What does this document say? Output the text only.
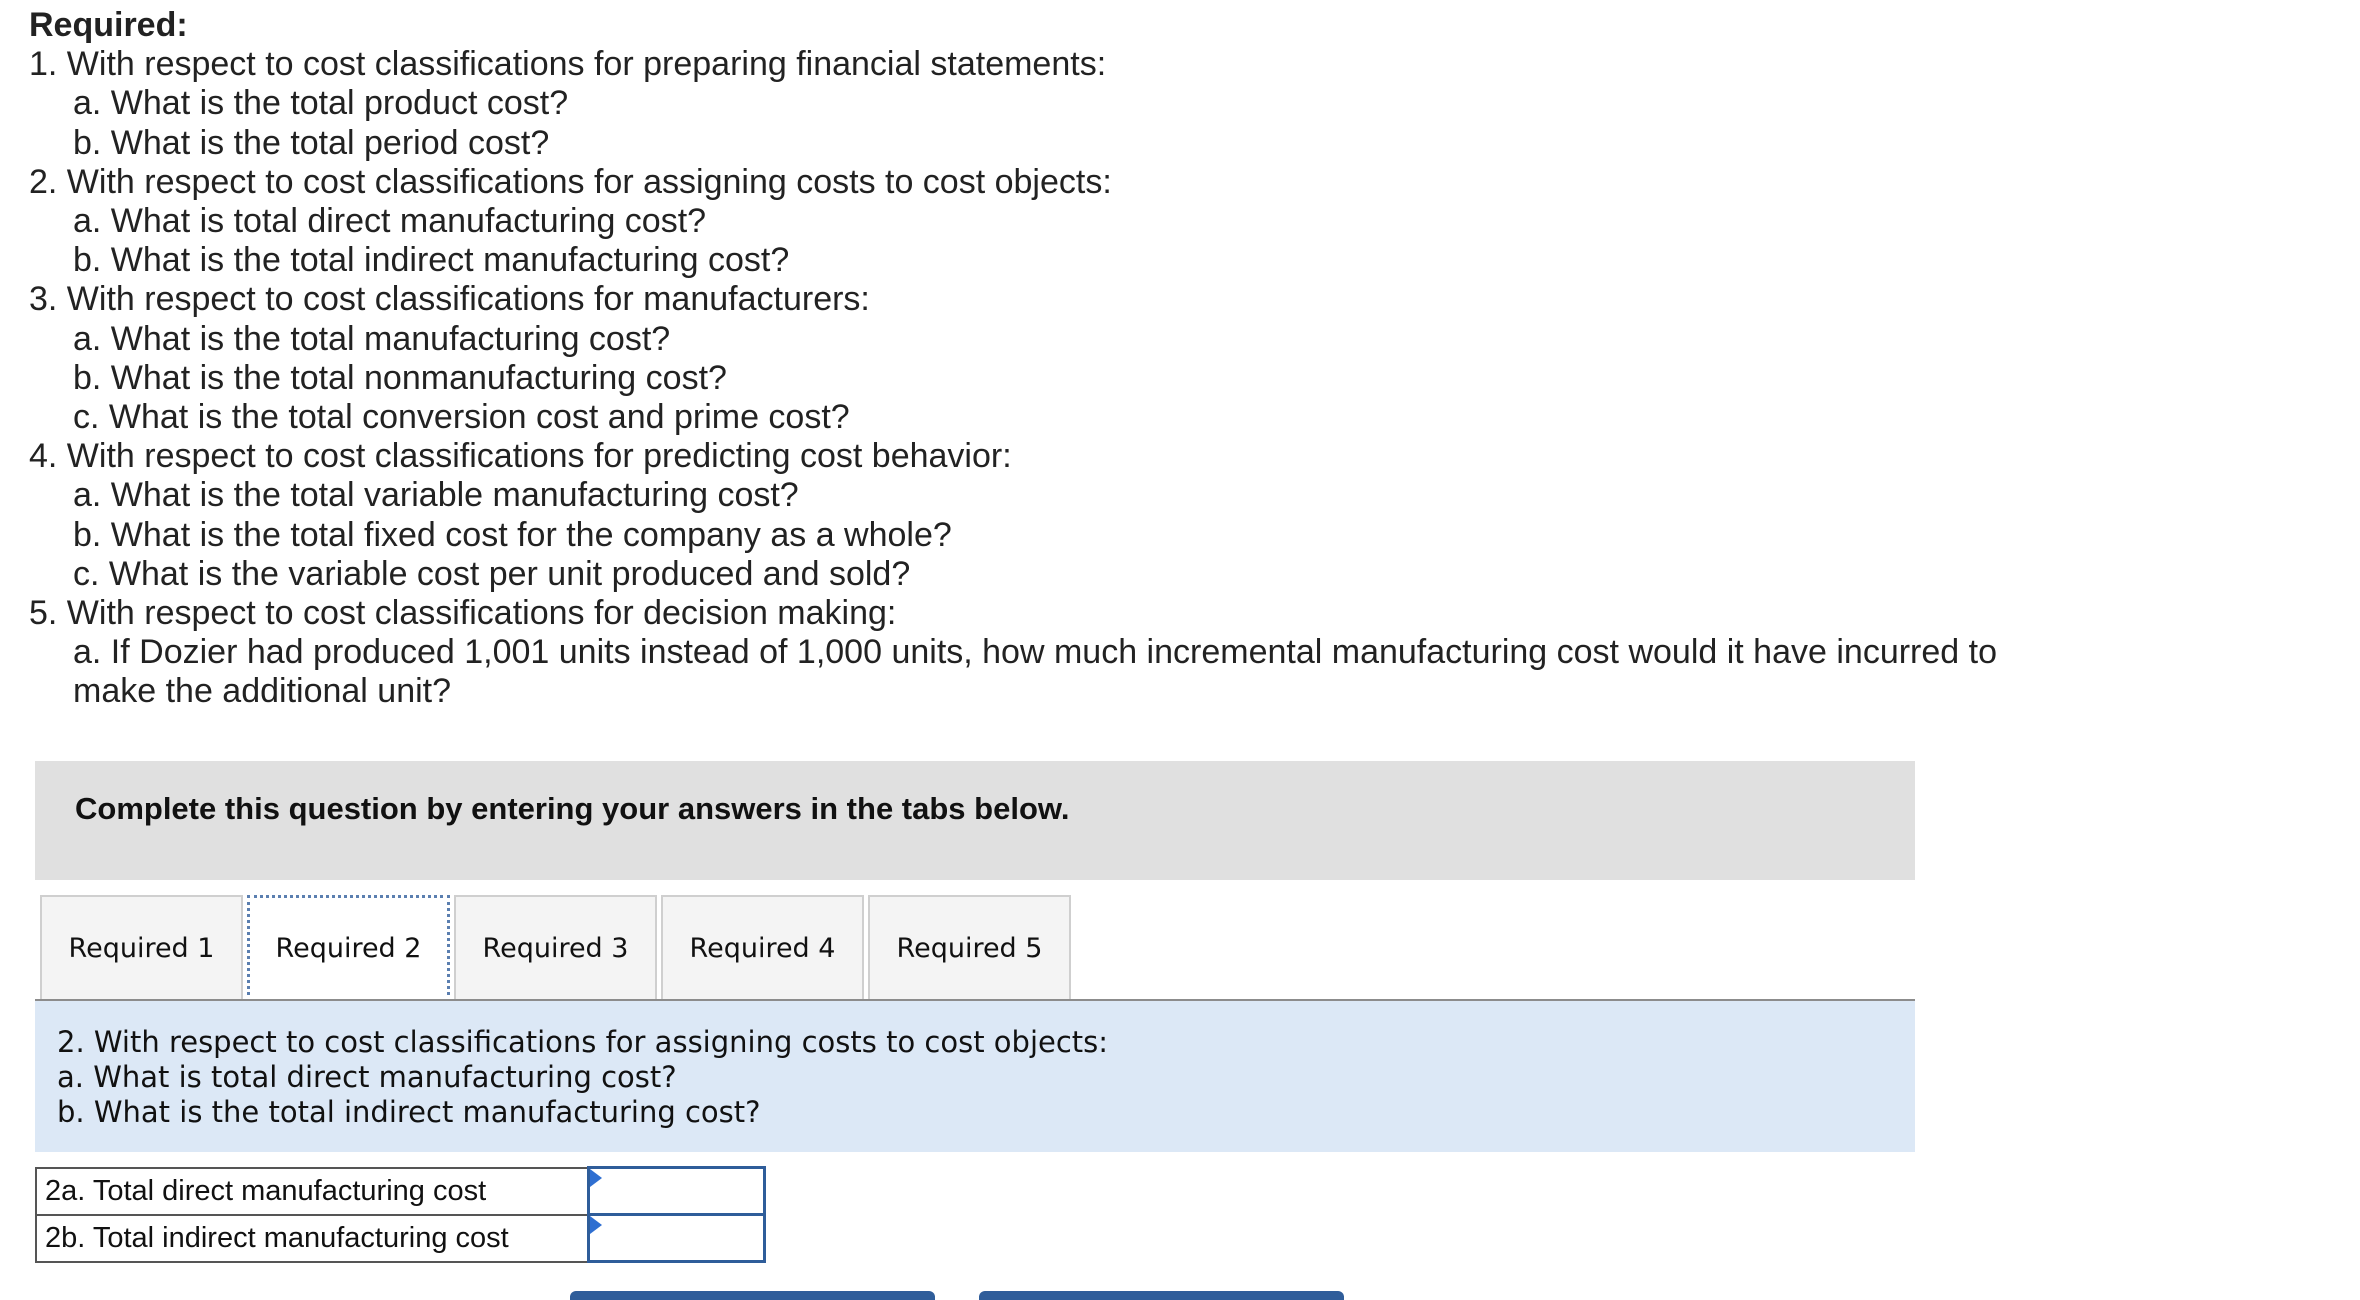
Required:
1. With respect to cost classifications for preparing financial statements:
a. What is the total product cost?
b. What is the total period cost?
2. With respect to cost classifications for assigning costs to cost objects:
a. What is total direct manufacturing cost?
b. What is the total indirect manufacturing cost?
3. With respect to cost classifications for manufacturers:
a. What is the total manufacturing cost?
b. What is the total nonmanufacturing cost?
c. What is the total conversion cost and prime cost?
4. With respect to cost classifications for predicting cost behavior:
a. What is the total variable manufacturing cost?
b. What is the total fixed cost for the company as a whole?
c. What is the variable cost per unit produced and sold?
5. With respect to cost classifications for decision making:
a. If Dozier had produced 1,001 units instead of 1,000 units, how much incremental manufacturing cost would it have incurred to make the additional unit?
Complete this question by entering your answers in the tabs below.
Required 1	Required 2	Required 3	Required 4	Required 5
2. With respect to cost classifications for assigning costs to cost objects:
a. What is total direct manufacturing cost?
b. What is the total indirect manufacturing cost?
2a. Total direct manufacturing cost	

2b. Total indirect manufacturing cost	
